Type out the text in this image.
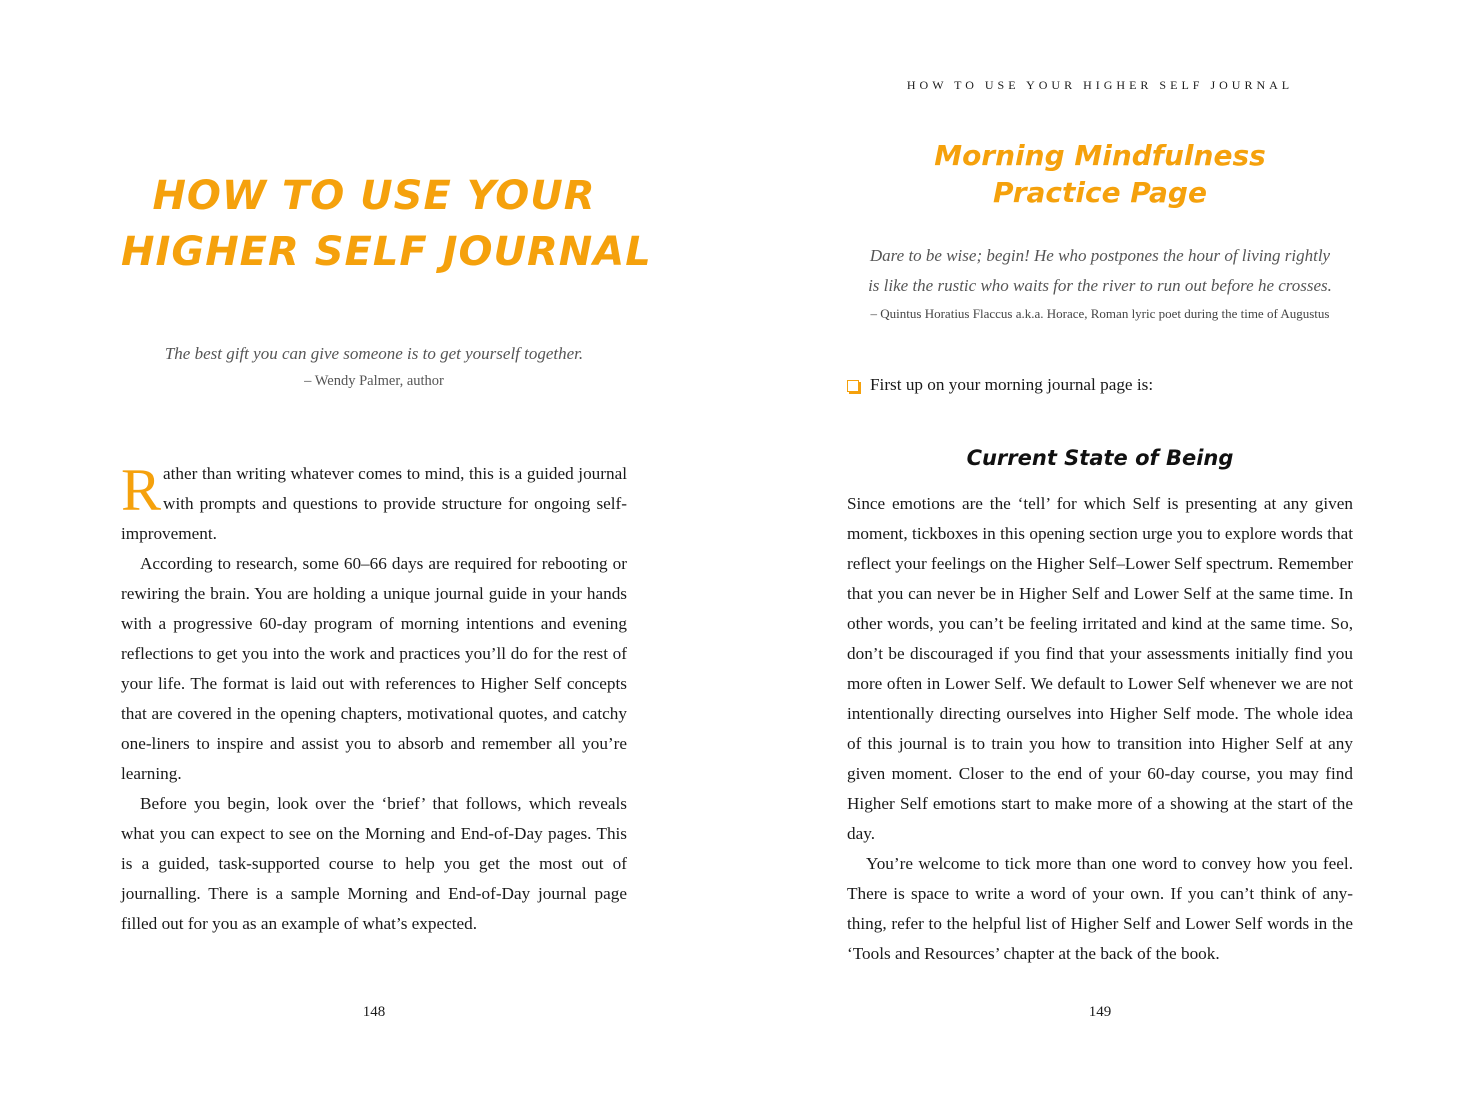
HOW TO USE YOUR
HIGHER SELF JOURNAL
The best gift you can give someone is to get yourself together.
– Wendy Palmer, author

Rather than writing whatever comes to mind, this is a guided journal with prompts and questions to provide structure for ongoing self-improvement.

According to research, some 60–66 days are required for rebooting or rewiring the brain. You are holding a unique journal guide in your hands with a progressive 60-day program of morning intentions and evening reflections to get you into the work and practices you’ll do for the rest of your life. The format is laid out with references to Higher Self concepts that are covered in the opening chapters, motivational quotes, and catchy one-liners to inspire and assist you to absorb and remember all you’re learning.

Before you begin, look over the ‘brief’ that follows, which reveals what you can expect to see on the Morning and End-of-Day pages. This is a guided, task-supported course to help you get the most out of journalling. There is a sample Morning and End-of-Day journal page filled out for you as an example of what’s expected.

148
HOW TO USE YOUR HIGHER SELF JOURNAL
Morning Mindfulness
Practice Page
Dare to be wise; begin! He who postpones the hour of living rightly
is like the rustic who waits for the river to run out before he crosses.
– Quintus Horatius Flaccus a.k.a. Horace, Roman lyric poet during the time of Augustus
First up on your morning journal page is:
Current State of Being

Since emotions are the ‘tell’ for which Self is presenting at any given moment, tickboxes in this opening section urge you to explore words that reflect your feelings on the Higher Self–Lower Self spectrum. Remember that you can never be in Higher Self and Lower Self at the same time. In other words, you can’t be feeling irritated and kind at the same time. So, don’t be discouraged if you find that your assessments initially find you more often in Lower Self. We default to Lower Self whenever we are not intentionally directing ourselves into Higher Self mode. The whole idea of this journal is to train you how to transition into Higher Self at any given moment. Closer to the end of your 60-day course, you may find Higher Self emotions start to make more of a showing at the start of the day.

You’re welcome to tick more than one word to convey how you feel. There is space to write a word of your own. If you can’t think of anything, refer to the helpful list of Higher Self and Lower Self words in the ‘Tools and Resources’ chapter at the back of the book.

149
